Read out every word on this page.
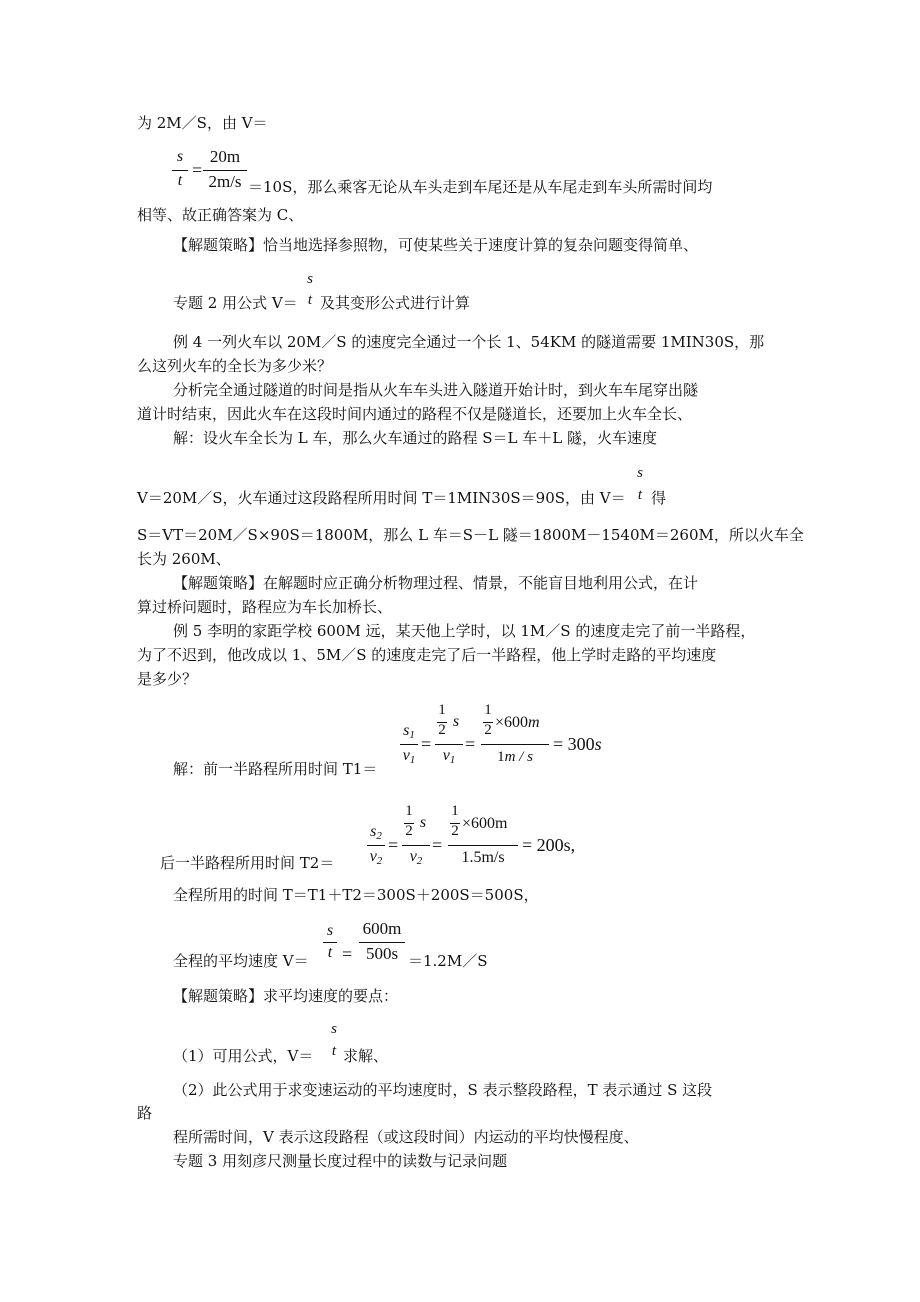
为 2M／S，由 V＝
s
t
=
20m
2m/s ＝10S，那么乘客无论从车头走到车尾还是从车尾走到车头所需时间均
相等、故正确答案为 C、
【解题策略】恰当地选择参照物，可使某些关于速度计算的复杂问题变得简单、
专题 2 用公式 V＝
s
t 及其变形公式进行计算
例 4 一列火车以 20M／S 的速度完全通过一个长 1、54KM 的隧道需要 1MIN30S，那
么这列火车的全长为多少米？
分析完全通过隧道的时间是指从火车车头进入隧道开始计时，到火车车尾穿出隧
道计时结束，因此火车在这段时间内通过的路程不仅是隧道长，还要加上火车全长、
解：设火车全长为 L 车，那么火车通过的路程 S＝L 车＋L 隧，火车速度
V＝20M／S，火车通过这段路程所用时间 T＝1MIN30S＝90S，由 V＝
s
t 得
S＝VT＝20M／S×90S＝1800M，那么 L 车＝S－L 隧＝1800M－1540M＝260M，所以火车全
长为 260M、
【解题策略】在解题时应正确分析物理过程、情景，不能盲目地利用公式，在计
算过桥问题时，路程应为车长加桥长、
例 5 李明的家距学校 600M 远，某天他上学时，以 1M／S 的速度走完了前一半路程，
为了不迟到，他改成以 1、5M／S 的速度走完了后一半路程，他上学时走路的平均速度
是多少？
s1
v1
=
1
2 s
v1
=
1
2 ×600m
1m / s
= 300s
解：前一半路程所用时间 T1＝
s2
v2
=
1
2 s
v2
=
1
2 ×600m
1.5m/s
= 200s,
后一半路程所用时间 T2＝
全程所用的时间 T＝T1＋T2＝300S＋200S＝500S，
全程的平均速度 V＝
s
t =
600m
500s ＝1.2M／S
【解题策略】求平均速度的要点：
（1）可用公式，V＝
s
t 求解、
（2）此公式用于求变速运动的平均速度时，S 表示整段路程，T 表示通过 S 这段
路
程所需时间，V 表示这段路程（或这段时间）内运动的平均快慢程度、
专题 3 用刻彦尺测量长度过程中的读数与记录问题
